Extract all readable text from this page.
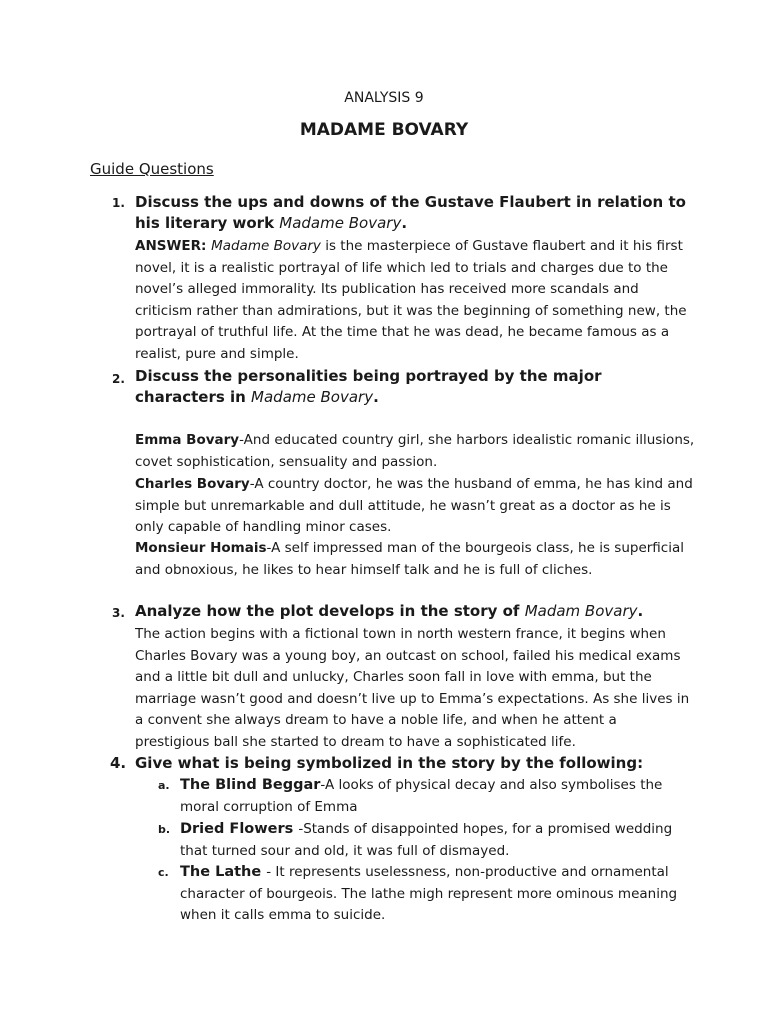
ANALYSIS 9
MADAME BOVARY
Guide Questions
1. Discuss the ups and downs of the Gustave Flaubert in relation to his literary work Madame Bovary.
ANSWER: Madame Bovary is the masterpiece of Gustave flaubert and it his first novel, it is a realistic portrayal of life which led to trials and charges due to the novel’s alleged immorality. Its publication has received more scandals and criticism rather than admirations, but it was the beginning of something new, the portrayal of truthful life. At the time that he was dead, he became famous as a realist, pure and simple.
2. Discuss the personalities being portrayed by the major characters in Madame Bovary.
Emma Bovary-And educated country girl, she harbors idealistic romanic illusions, covet sophistication, sensuality and passion.
Charles Bovary-A country doctor, he was the husband of emma, he has kind and simple but unremarkable and dull attitude, he wasn’t great as a doctor as he is only capable of handling minor cases.
Monsieur Homais-A self impressed man of the bourgeois class, he is superficial and obnoxious, he likes to hear himself talk and he is full of cliches.
3. Analyze how the plot develops in the story of Madam Bovary.
The action begins with a fictional town in north western france, it begins when Charles Bovary was a young boy, an outcast on school, failed his medical exams and a little bit dull and unlucky, Charles soon fall in love with emma, but the marriage wasn’t good and doesn’t live up to Emma’s expectations. As she lives in a convent she always dream to have a noble life, and when he attent a prestigious ball she started to dream to have a sophisticated life.
4. Give what is being symbolized in the story by the following:
a. The Blind Beggar-A looks of physical decay and also symbolises the moral corruption of Emma
b. Dried Flowers -Stands of disappointed hopes, for a promised wedding that turned sour and old, it was full of dismayed.
c. The Lathe - It represents uselessness, non-productive and ornamental character of bourgeois. The lathe migh represent more ominous meaning when it calls emma to suicide.
